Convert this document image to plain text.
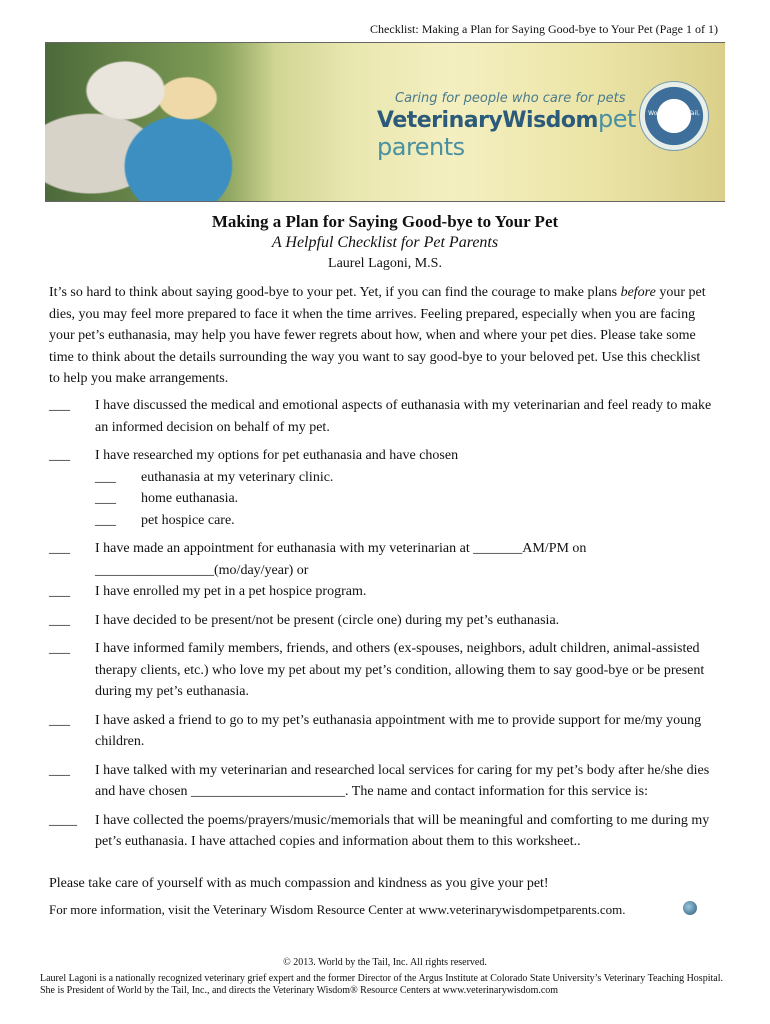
Checklist: Making a Plan for Saying Good-bye to Your Pet (Page 1 of 1)
Caring for people who care for pets
VeterinaryWisdompet parents
World by the Tail, Inc.
Making a Plan for Saying Good-bye to Your Pet
A Helpful Checklist for Pet Parents
Laurel Lagoni, M.S.
It’s so hard to think about saying good-bye to your pet. Yet, if you can find the courage to make plans before your pet dies, you may feel more prepared to face it when the time arrives. Feeling prepared, especially when you are facing your pet’s euthanasia, may help you have fewer regrets about how, when and where your pet dies. Please take some time to think about the details surrounding the way you want to say good-bye to your beloved pet. Use this checklist to help you make arrangements.
___	I have discussed the medical and emotional aspects of euthanasia with my veterinarian and feel ready to make an informed decision on behalf of my pet.
___	I have researched my options for pet euthanasia and have chosen
___	euthanasia at my veterinary clinic.
___	home euthanasia.
___	pet hospice care.
___	I have made an appointment for euthanasia with my veterinarian at _______AM/PM on _________________(mo/day/year) or
___	I have enrolled my pet in a pet hospice program.
___	I have decided to be present/not be present (circle one) during my pet’s euthanasia.
___	I have informed family members, friends, and others (ex-spouses, neighbors, adult children, animal-assisted therapy clients, etc.) who love my pet about my pet’s condition, allowing them to say good-bye or be present during my pet’s euthanasia.
___	I have asked a friend to go to my pet’s euthanasia appointment with me to provide support for me/my young children.
___	I have talked with my veterinarian and researched local services for caring for my pet’s body after he/she dies and have chosen ______________________. The name and contact information for this service is:
____	I have collected the poems/prayers/music/memorials that will be meaningful and comforting to me during my pet’s euthanasia. I have attached copies and information about them to this worksheet..
Please take care of yourself with as much compassion and kindness as you give your pet!
For more information, visit the Veterinary Wisdom Resource Center at www.veterinarywisdompetparents.com.
© 2013. World by the Tail, Inc. All rights reserved.
Laurel Lagoni is a nationally recognized veterinary grief expert and the former Director of the Argus Institute at Colorado State University’s Veterinary Teaching Hospital. She is President of World by the Tail, Inc., and directs the Veterinary Wisdom® Resource Centers at www.veterinarywisdom.com
